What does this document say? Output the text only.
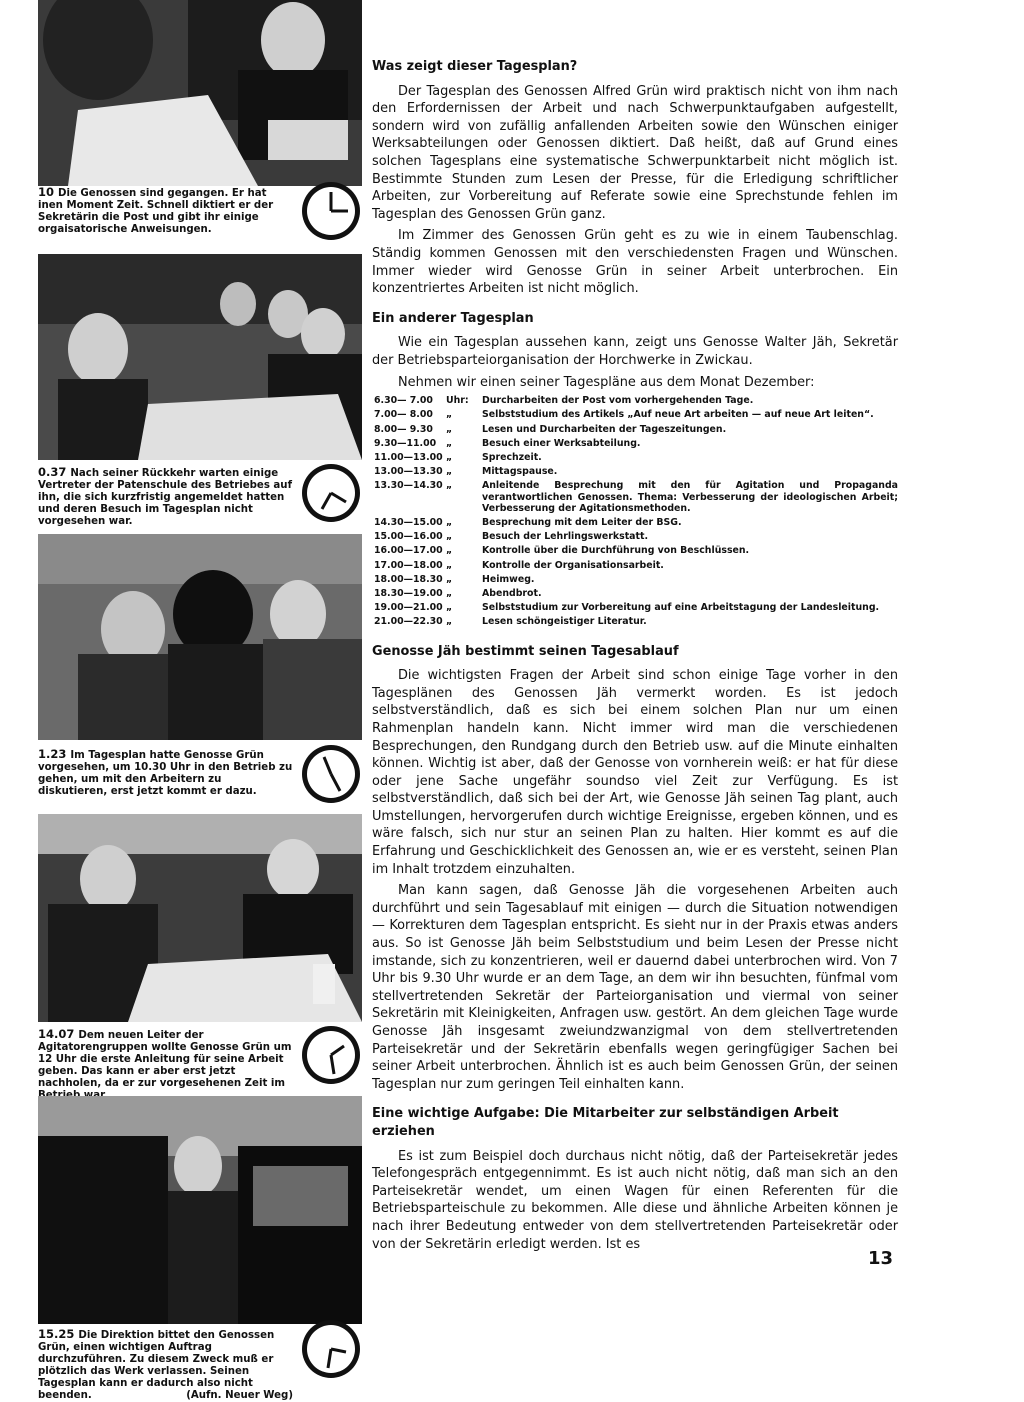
10 Die Genossen sind gegangen. Er hat inen Moment Zeit. Schnell diktiert er der Sekretärin die Post und gibt ihr einige orgaisatorische Anweisungen.
0.37 Nach seiner Rückkehr warten einige Vertreter der Patenschule des Betriebes auf ihn, die sich kurzfristig angemeldet hatten und deren Besuch im Tagesplan nicht vorgesehen war.
1.23 Im Tagesplan hatte Genosse Grün vorgesehen, um 10.30 Uhr in den Betrieb zu gehen, um mit den Arbeitern zu diskutieren, erst jetzt kommt er dazu.
14.07 Dem neuen Leiter der Agitatorengruppen wollte Genosse Grün um 12 Uhr die erste Anleitung für seine Arbeit geben. Das kann er aber erst jetzt nachholen, da er zur vorgesehenen Zeit im
15.25 Die Direktion bittet den Genossen Grün, einen wichtigen Auftrag durchzuführen. Zu diesem Zweck muß er plötzlich das Werk verlassen. Seinen Tagesplan kann er dadurch also nicht beenden.	(Aufn. Neuer Weg)
Was zeigt dieser Tagesplan?

Der Tagesplan des Genossen Alfred Grün wird praktisch nicht von ihm nach den Erfordernissen der Arbeit und nach Schwerpunktaufgaben aufgestellt, sondern wird von zufällig anfallenden Arbeiten sowie den Wünschen einiger Werksabteilungen oder Genossen diktiert. Daß heißt, daß auf Grund eines solchen Tagesplans eine systematische Schwerpunktarbeit nicht möglich ist. Bestimmte Stunden zum Lesen der Presse, für die Erledigung schriftlicher Arbeiten, zur Vorbereitung auf Referate sowie eine Sprechstunde fehlen im Tagesplan des Genossen Grün ganz.

Im Zimmer des Genossen Grün geht es zu wie in einem Taubenschlag. Ständig kommen Genossen mit den verschiedensten Fragen und Wünschen. Immer wieder wird Genosse Grün in seiner Arbeit unterbrochen. Ein konzentriertes Arbeiten ist nicht möglich.

Ein anderer Tagesplan

Wie ein Tagesplan aussehen kann, zeigt uns Genosse Walter Jäh, Sekretär der Betriebsparteiorganisation der Horchwerke in Zwickau.

Nehmen wir einen seiner Tagespläne aus dem Monat Dezember:

6.30— 7.00	Uhr:	Durcharbeiten der Post vom vorhergehenden Tage.
7.00— 8.00	„	Selbststudium des Artikels „Auf neue Art arbeiten — auf neue Art leiten“.
8.00— 9.30	„	Lesen und Durcharbeiten der Tageszeitungen.
9.30—11.00	„	Besuch einer Werksabteilung.
11.00—13.00	„	Sprechzeit.
13.00—13.30	„	Mittagspause.
13.30—14.30	„	Anleitende Besprechung mit den für Agitation und Propaganda verantwortlichen Genossen. Thema: Verbesserung der ideologischen Arbeit; Verbesserung der Agitationsmethoden.
14.30—15.00	„	Besprechung mit dem Leiter der BSG.
15.00—16.00	„	Besuch der Lehrlingswerkstatt.
16.00—17.00	„	Kontrolle über die Durchführung von Beschlüssen.
17.00—18.00	„	Kontrolle der Organisationsarbeit.
18.00—18.30	„	Heimweg.
18.30—19.00	„	Abendbrot.
19.00—21.00	„	Selbststudium zur Vorbereitung auf eine Arbeitstagung der Landesleitung.
21.00—22.30	„	Lesen schöngeistiger Literatur.
Genosse Jäh bestimmt seinen Tagesablauf

Die wichtigsten Fragen der Arbeit sind schon einige Tage vorher in den Tagesplänen des Genossen Jäh vermerkt worden. Es ist jedoch selbstverständlich, daß es sich bei einem solchen Plan nur um einen Rahmenplan handeln kann. Nicht immer wird man die verschiedenen Besprechungen, den Rundgang durch den Betrieb usw. auf die Minute einhalten können. Wichtig ist aber, daß der Genosse von vornherein weiß: er hat für diese oder jene Sache ungefähr soundso viel Zeit zur Verfügung. Es ist selbstverständlich, daß sich bei der Art, wie Genosse Jäh seinen Tag plant, auch Umstellungen, hervorgerufen durch wichtige Ereignisse, ergeben können, und es wäre falsch, sich nur stur an seinen Plan zu halten. Hier kommt es auf die Erfahrung und Geschicklichkeit des Genossen an, wie er es versteht, seinen Plan im Inhalt trotzdem einzuhalten.

Man kann sagen, daß Genosse Jäh die vorgesehenen Arbeiten auch durchführt und sein Tagesablauf mit einigen — durch die Situation notwendigen — Korrekturen dem Tagesplan entspricht. Es sieht nur in der Praxis etwas anders aus. So ist Genosse Jäh beim Selbststudium und beim Lesen der Presse nicht imstande, sich zu konzentrieren, weil er dauernd dabei unterbrochen wird. Von 7 Uhr bis 9.30 Uhr wurde er an dem Tage, an dem wir ihn besuchten, fünfmal vom stellvertretenden Sekretär der Parteiorganisation und viermal von seiner Sekretärin mit Kleinigkeiten, Anfragen usw. gestört. An dem gleichen Tage wurde Genosse Jäh insgesamt zweiundzwanzigmal von dem stellvertretenden Parteisekretär und der Sekretärin ebenfalls wegen geringfügiger Sachen bei seiner Arbeit unterbrochen. Ähnlich ist es auch beim Genossen Grün, der seinen Tagesplan nur zum geringen Teil einhalten kann.

Eine wichtige Aufgabe: Die Mitarbeiter zur selbständigen Arbeit erziehen

Es ist zum Beispiel doch durchaus nicht nötig, daß der Parteisekretär jedes Telefongespräch entgegennimmt. Es ist auch nicht nötig, daß man sich an den Parteisekretär wendet, um einen Wagen für einen Referenten für die Betriebsparteischule zu bekommen. Alle diese und ähnliche Arbeiten können je nach ihrer Bedeutung entweder von dem stellvertretenden Parteisekretär oder von der Sekretärin erledigt werden. Ist es

13
